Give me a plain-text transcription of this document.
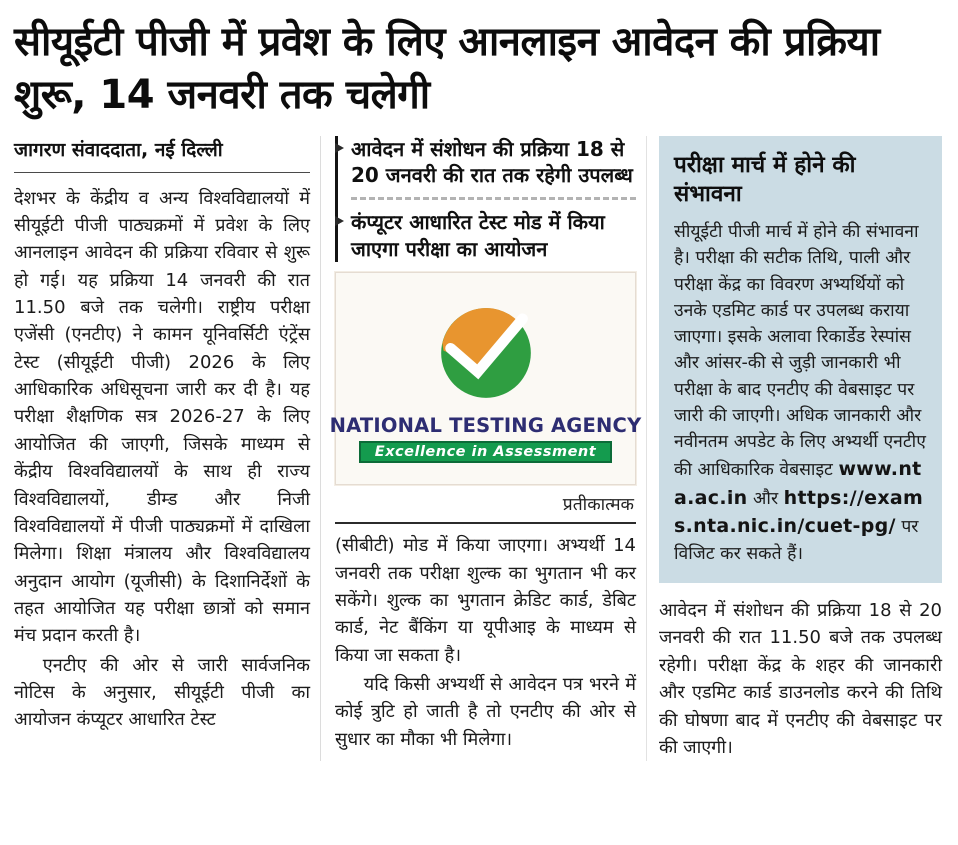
सीयूईटी पीजी में प्रवेश के लिए आनलाइन आवेदन की प्रक्रिया शुरू, 14 जनवरी तक चलेगी
जागरण संवाददाता, नई दिल्ली

देशभर के केंद्रीय व अन्य विश्वविद्यालयों में सीयूईटी पीजी पाठ्यक्रमों में प्रवेश के लिए आनलाइन आवेदन की प्रक्रिया रविवार से शुरू हो गई। यह प्रक्रिया 14 जनवरी की रात 11.50 बजे तक चलेगी। राष्ट्रीय परीक्षा एजेंसी (एनटीए) ने कामन यूनिवर्सिटी एंट्रेंस टेस्ट (सीयूईटी पीजी) 2026 के लिए आधिकारिक अधिसूचना जारी कर दी है। यह परीक्षा शैक्षणिक सत्र 2026-27 के लिए आयोजित की जाएगी, जिसके माध्यम से केंद्रीय विश्वविद्यालयों के साथ ही राज्य विश्वविद्यालयों, डीम्ड और निजी विश्वविद्यालयों में पीजी पाठ्यक्रमों में दाखिला मिलेगा। शिक्षा मंत्रालय और विश्वविद्यालय अनुदान आयोग (यूजीसी) के दिशानिर्देशों के तहत आयोजित यह परीक्षा छात्रों को समान मंच प्रदान करती है।

एनटीए की ओर से जारी सार्वजनिक नोटिस के अनुसार, सीयूईटी पीजी का आयोजन कंप्यूटर आधारित टेस्ट

आवेदन में संशोधन की प्रक्रिया 18 से 20 जनवरी की रात तक रहेगी उपलब्ध
कंप्यूटर आधारित टेस्ट मोड में किया जाएगा परीक्षा का आयोजन
NATIONAL TESTING AGENCY
Excellence in Assessment
प्रतीकात्मक

(सीबीटी) मोड में किया जाएगा। अभ्यर्थी 14 जनवरी तक परीक्षा शुल्क का भुगतान भी कर सकेंगे। शुल्क का भुगतान क्रेडिट कार्ड, डेबिट कार्ड, नेट बैंकिंग या यूपीआइ के माध्यम से किया जा सकता है।

यदि किसी अभ्यर्थी से आवेदन पत्र भरने में कोई त्रुटि हो जाती है तो एनटीए की ओर से सुधार का मौका भी मिलेगा।

परीक्षा मार्च में होने की संभावना
सीयूईटी पीजी मार्च में होने की संभावना है। परीक्षा की सटीक तिथि, पाली और परीक्षा केंद्र का विवरण अभ्यर्थियों को उनके एडमिट कार्ड पर उपलब्ध कराया जाएगा। इसके अलावा रिकार्डेड रेस्पांस और आंसर-की से जुड़ी जानकारी भी परीक्षा के बाद एनटीए की वेबसाइट पर जारी की जाएगी। अधिक जानकारी और नवीनतम अपडेट के लिए अभ्यर्थी एनटीए की आधिकारिक वेबसाइट www.nta.ac.in और https://exams.nta.nic.in/cuet-pg/ पर विजिट कर सकते हैं।

आवेदन में संशोधन की प्रक्रिया 18 से 20 जनवरी की रात 11.50 बजे तक उपलब्ध रहेगी। परीक्षा केंद्र के शहर की जानकारी और एडमिट कार्ड डाउनलोड करने की तिथि की घोषणा बाद में एनटीए की वेबसाइट पर की जाएगी।
